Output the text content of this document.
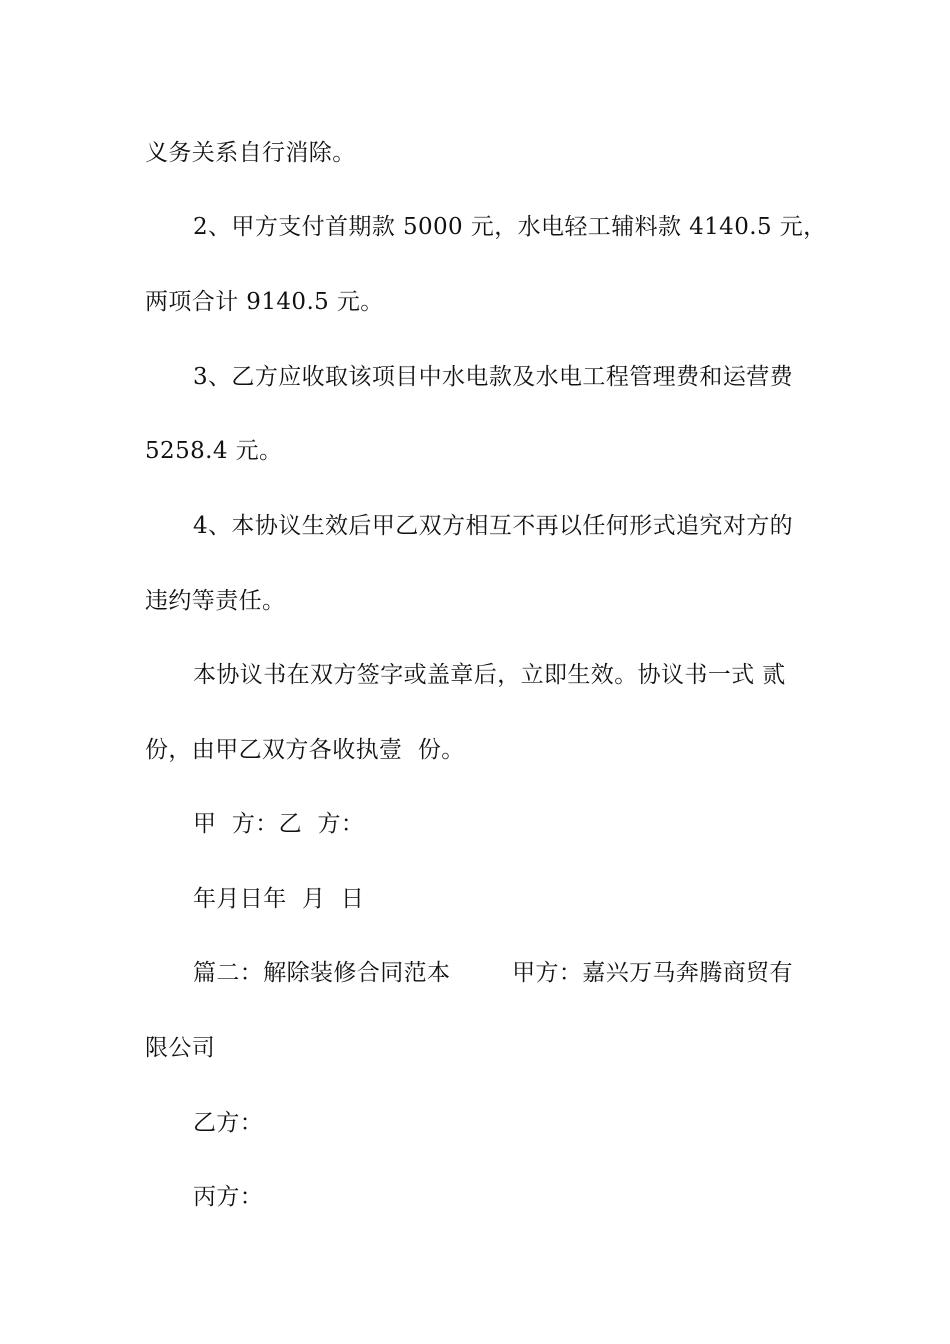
义务关系自行消除。
2、甲方支付首期款 5000 元，水电轻工辅料款 4140.5 元，
两项合计 9140.5 元。
3、乙方应收取该项目中水电款及水电工程管理费和运营费
5258.4 元。
4、本协议生效后甲乙双方相互不再以任何形式追究对方的
违约等责任。
本协议书在双方签字或盖章后，立即生效。协议书一式 贰
份，由甲乙双方各收执壹  份。
甲  方：乙  方：
年月日年  月  日
篇二：解除装修合同范本        甲方：嘉兴万马奔腾商贸有
限公司
乙方：
丙方：
